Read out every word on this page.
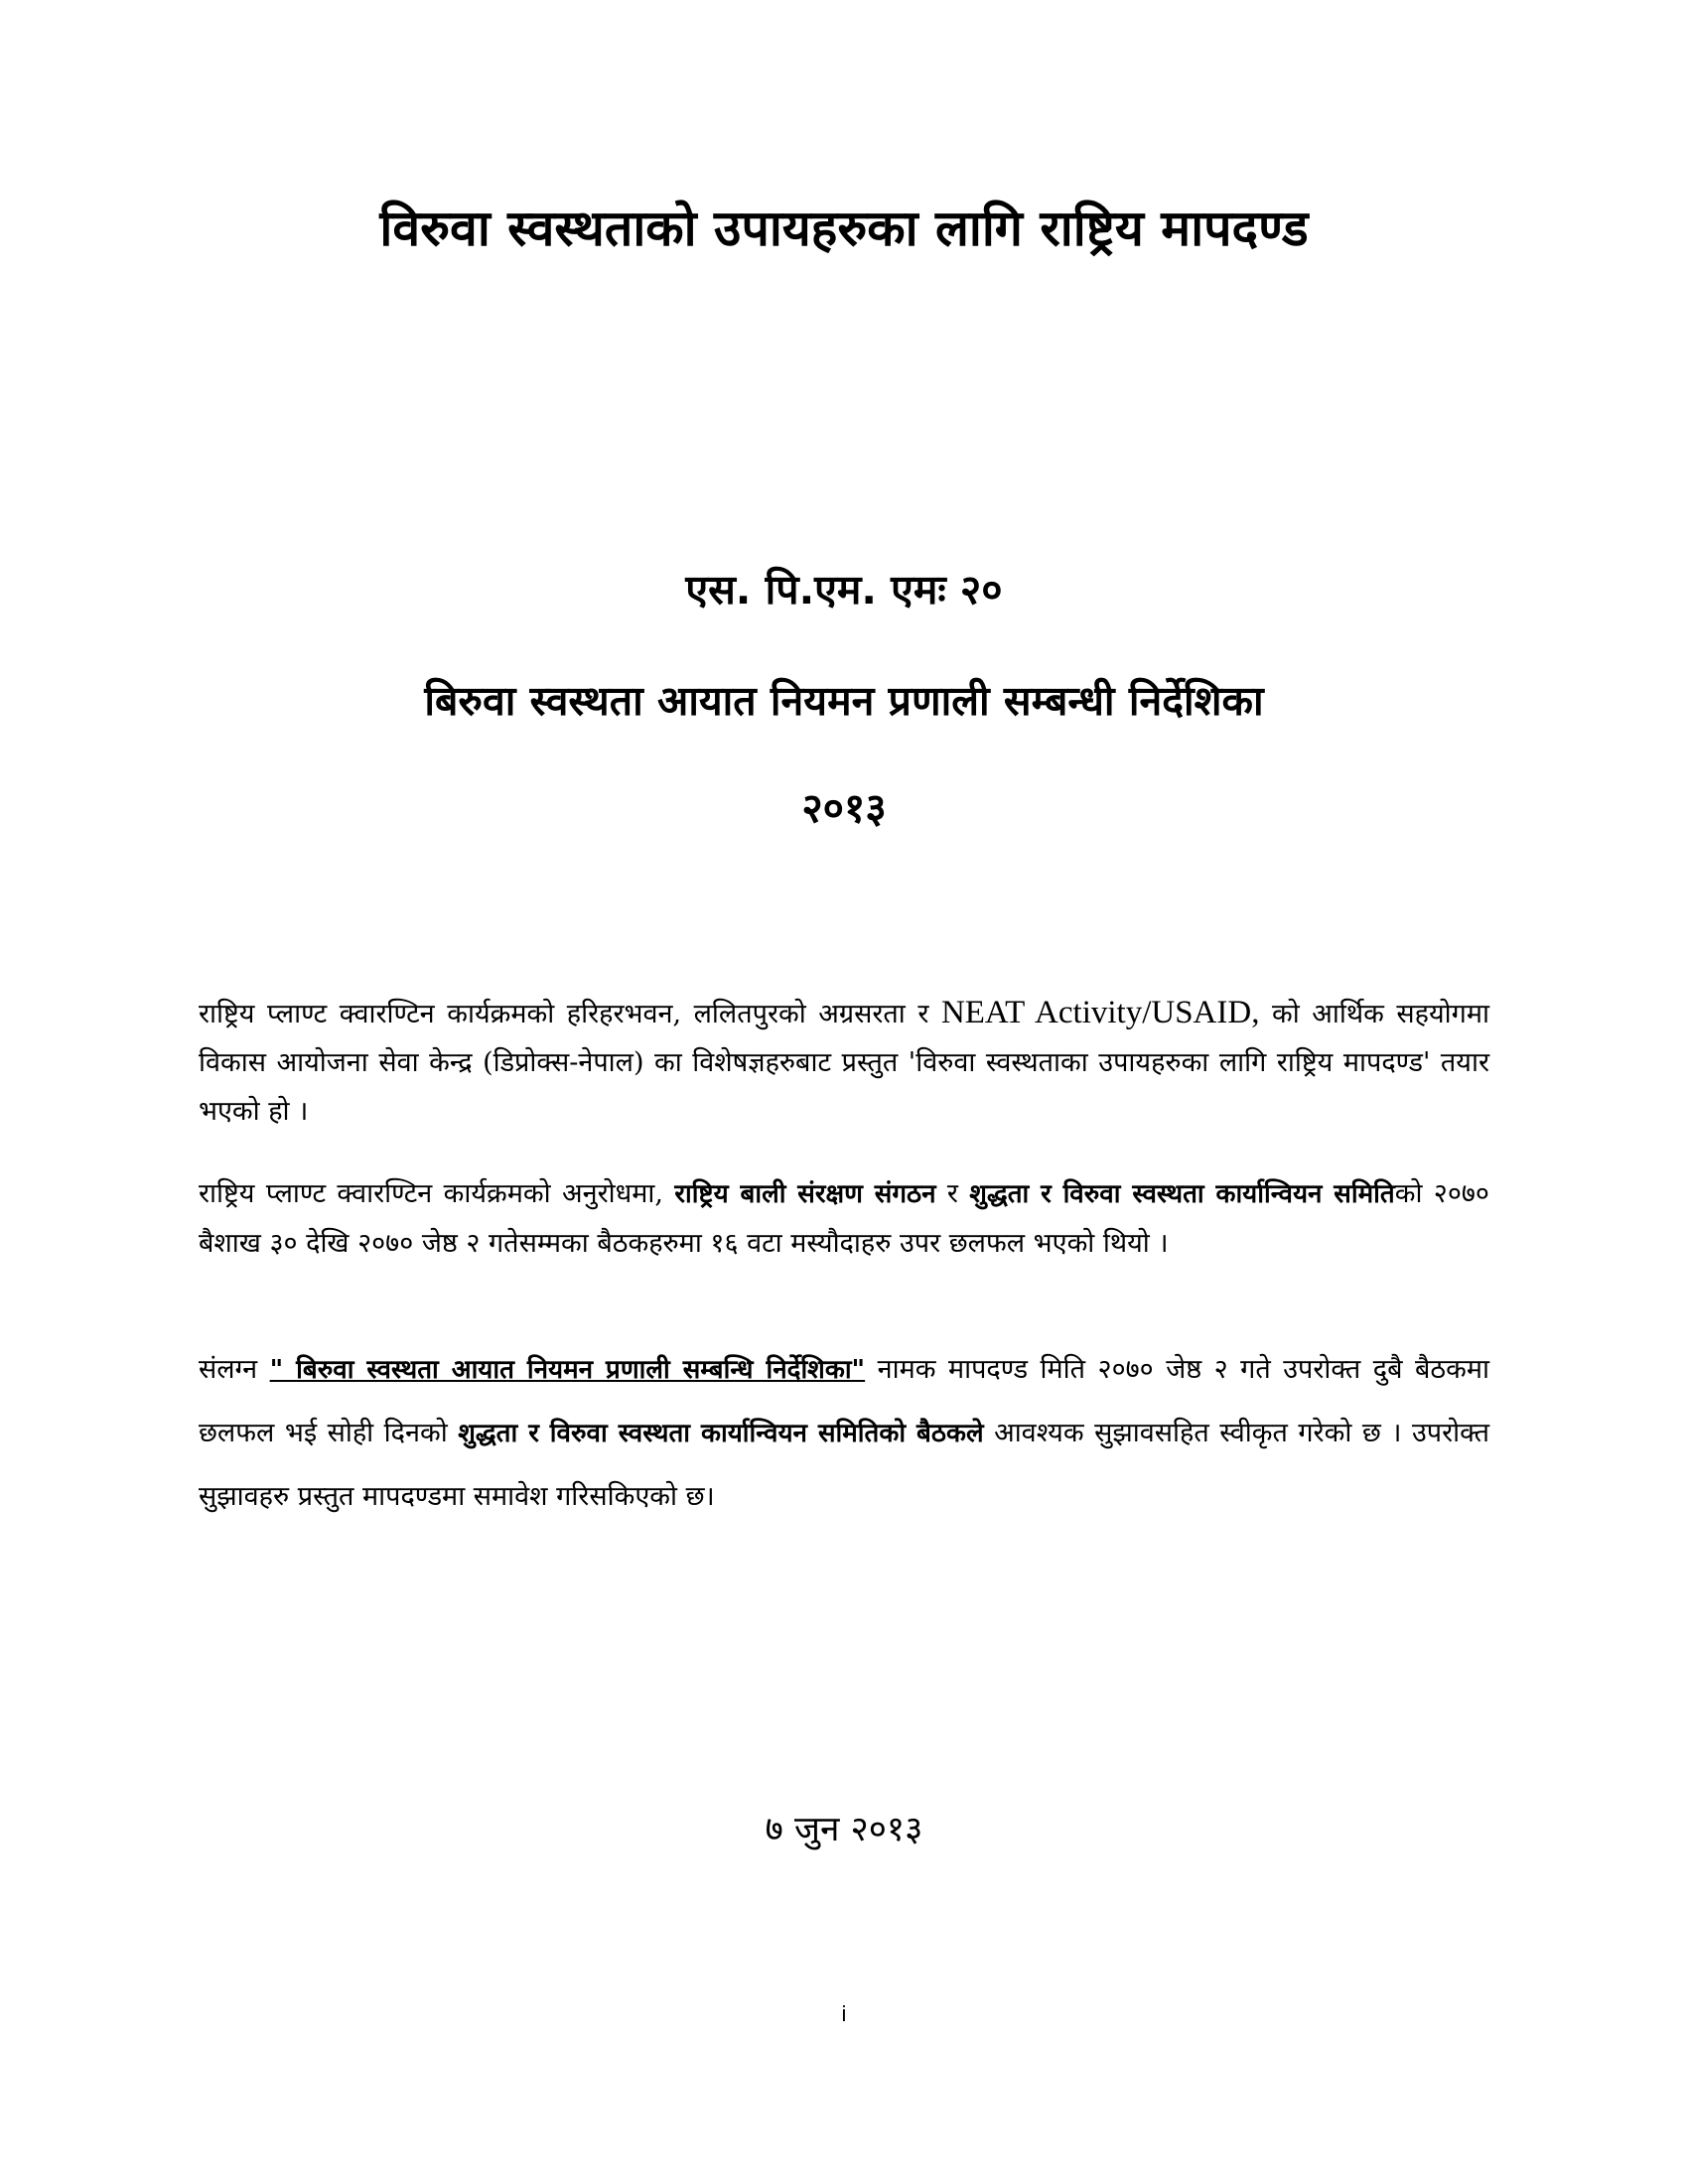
विरुवा स्वस्थताको उपायहरुका लागि राष्ट्रिय मापदण्ड
एस. पि.एम. एमः २०
बिरुवा स्वस्थता आयात नियमन प्रणाली सम्बन्धी निर्देशिका
२०१३

राष्ट्रिय प्लाण्ट क्वारण्टिन कार्यक्रमको हरिहरभवन, ललितपुरको अग्रसरता र NEAT Activity/USAID, को आर्थिक सहयोगमा विकास आयोजना सेवा केन्द्र (डिप्रोक्स-नेपाल) का विशेषज्ञहरुबाट प्रस्तुत 'विरुवा स्वस्थताका उपायहरुका लागि राष्ट्रिय मापदण्ड' तयार भएको हो ।

राष्ट्रिय प्लाण्ट क्वारण्टिन कार्यक्रमको अनुरोधमा, राष्ट्रिय बाली संरक्षण संगठन र शुद्धता र विरुवा स्वस्थता कार्यान्वियन समितिको २०७० बैशाख ३० देखि २०७० जेष्ठ २ गतेसम्मका बैठकहरुमा १६ वटा मस्यौदाहरु उपर छलफल भएको थियो ।

संलग्न " बिरुवा स्वस्थता आयात नियमन प्रणाली सम्बन्धि निर्देशिका" नामक मापदण्ड मिति २०७० जेष्ठ २ गते उपरोक्त दुबै बैठकमा छलफल भई सोही दिनको शुद्धता र विरुवा स्वस्थता कार्यान्वियन समितिको बैठकले आवश्यक सुझावसहित स्वीकृत गरेको छ । उपरोक्त सुझावहरु प्रस्तुत मापदण्डमा समावेश गरिसकिएको छ।

७ जुन २०१३
i
